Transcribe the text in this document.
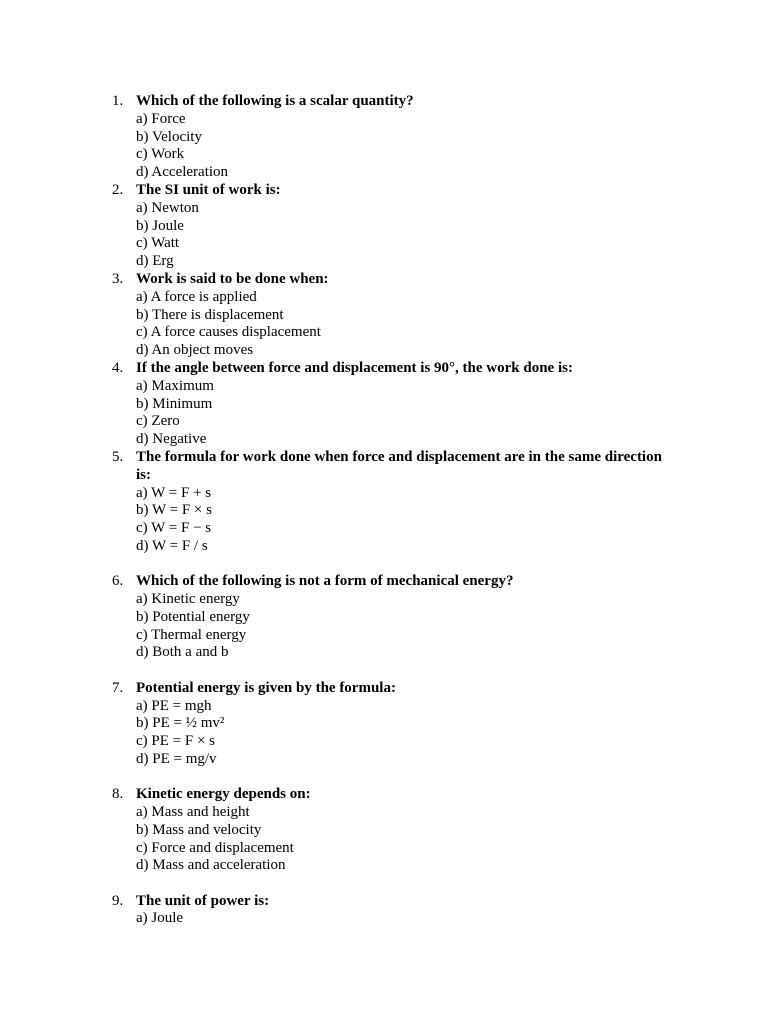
1. Which of the following is a scalar quantity?
a) Force
b) Velocity
c) Work
d) Acceleration
2. The SI unit of work is:
a) Newton
b) Joule
c) Watt
d) Erg
3. Work is said to be done when:
a) A force is applied
b) There is displacement
c) A force causes displacement
d) An object moves
4. If the angle between force and displacement is 90°, the work done is:
a) Maximum
b) Minimum
c) Zero
d) Negative
5. The formula for work done when force and displacement are in the same direction is:
a) W = F + s
b) W = F × s
c) W = F − s
d) W = F / s
6. Which of the following is not a form of mechanical energy?
a) Kinetic energy
b) Potential energy
c) Thermal energy
d) Both a and b
7. Potential energy is given by the formula:
a) PE = mgh
b) PE = ½ mv²
c) PE = F × s
d) PE = mg/v
8. Kinetic energy depends on:
a) Mass and height
b) Mass and velocity
c) Force and displacement
d) Mass and acceleration
9. The unit of power is:
a) Joule
